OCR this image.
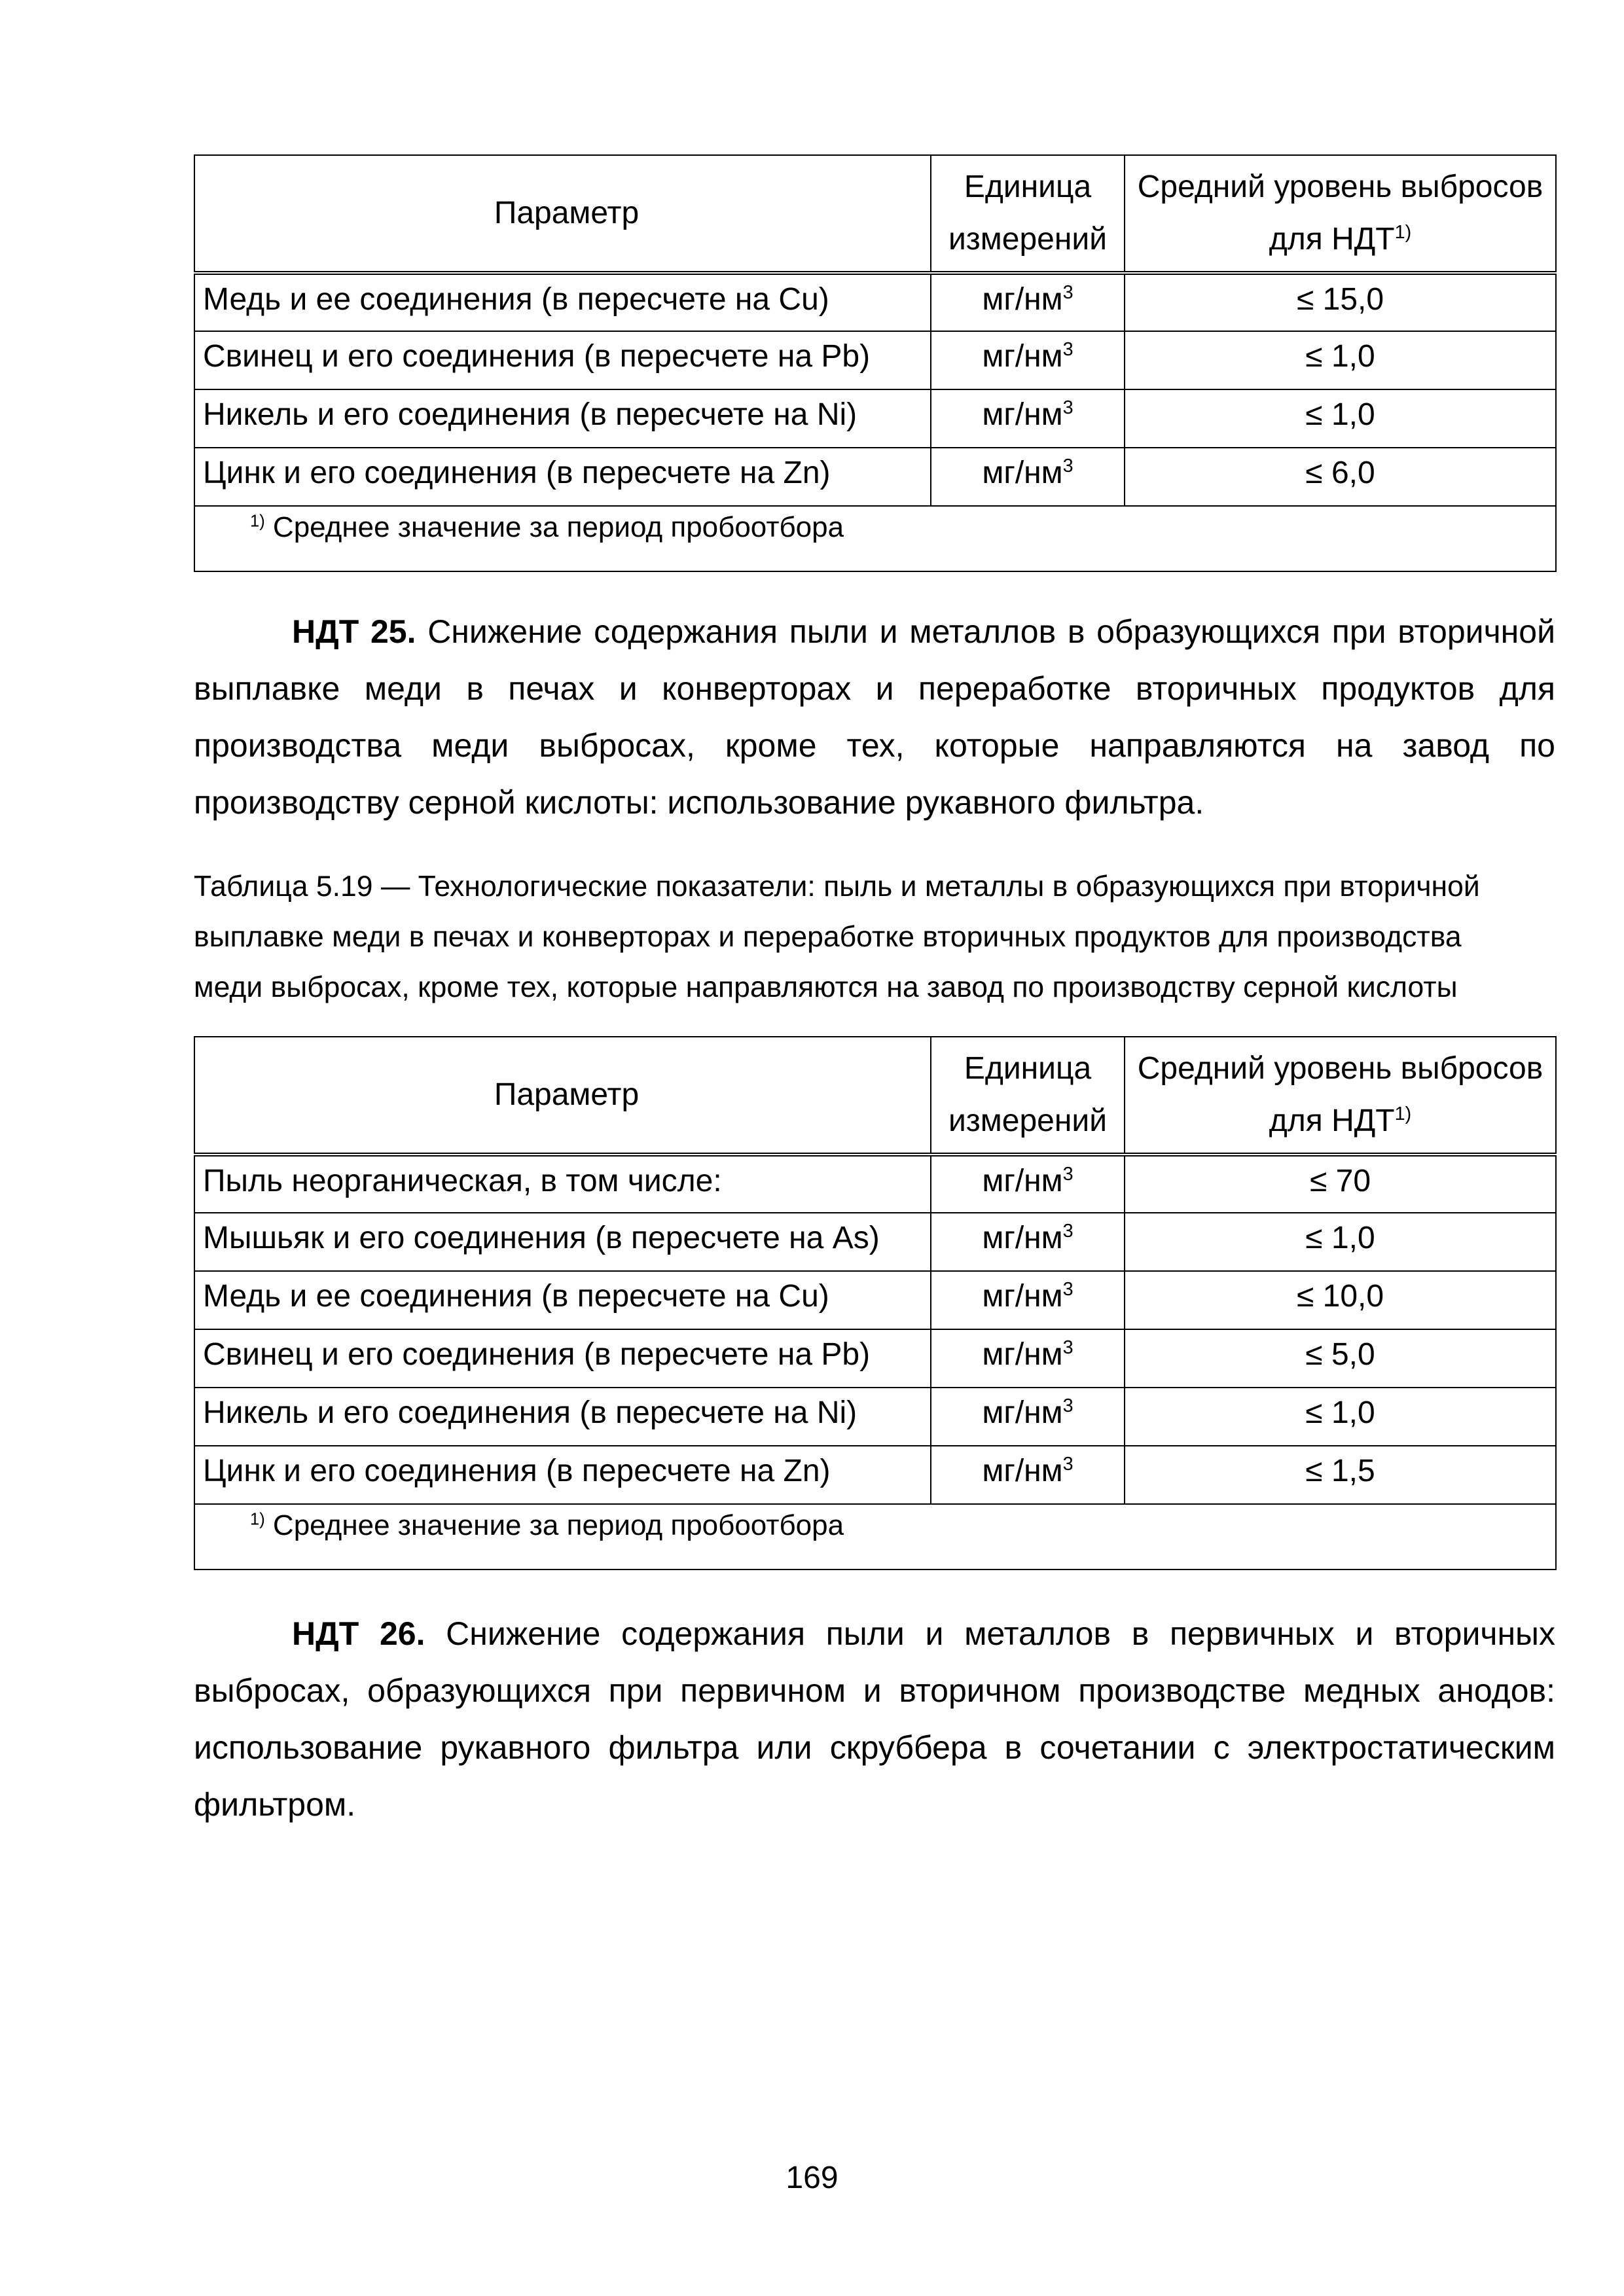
Параметр	Единица измерений	Средний уровень выбросов для НДТ$^{1)}$
Медь и ее соединения (в пересчете на Cu)	$мг/нм^3$	≤ 15,0
Свинец и его соединения (в пересчете на Pb)	$мг/нм^3$	≤ 1,0
Никель и его соединения (в пересчете на Ni)	$мг/нм^3$	≤ 1,0
Цинк и его соединения (в пересчете на Zn)	$мг/нм^3$	≤ 6,0
$^{1)}$ Среднее значение за период пробоотбора		

НДТ 25. Снижение содержания пыли и металлов в образующихся при вторичной выплавке меди в печах и конверторах и переработке вторичных продуктов для производства меди выбросах, кроме тех, которые направляются на завод по производству серной кислоты: использование рукавного фильтра.

Таблица 5.19 — Технологические показатели: пыль и металлы в образующихся при вторичной
выплавке меди в печах и конверторах и переработке вторичных продуктов для производства
меди выбросах, кроме тех, которые направляются на завод по производству серной кислоты
Параметр	Единица измерений	Средний уровень выбросов для НДТ$^{1)}$
Пыль неорганическая, в том числе:	$мг/нм^3$	≤ 70
Мышьяк и его соединения (в пересчете на As)	$мг/нм^3$	≤ 1,0
Медь и ее соединения (в пересчете на Cu)	$мг/нм^3$	≤ 10,0
Свинец и его соединения (в пересчете на Pb)	$мг/нм^3$	≤ 5,0
Никель и его соединения (в пересчете на Ni)	$мг/нм^3$	≤ 1,0
Цинк и его соединения (в пересчете на Zn)	$мг/нм^3$	≤ 1,5
$^{1)}$ Среднее значение за период пробоотбора		

НДТ 26. Снижение содержания пыли и металлов в первичных и вторичных выбросах, образующихся при первичном и вторичном производстве медных анодов: использование рукавного фильтра или скруббера в сочетании с электростатическим фильтром.

169
